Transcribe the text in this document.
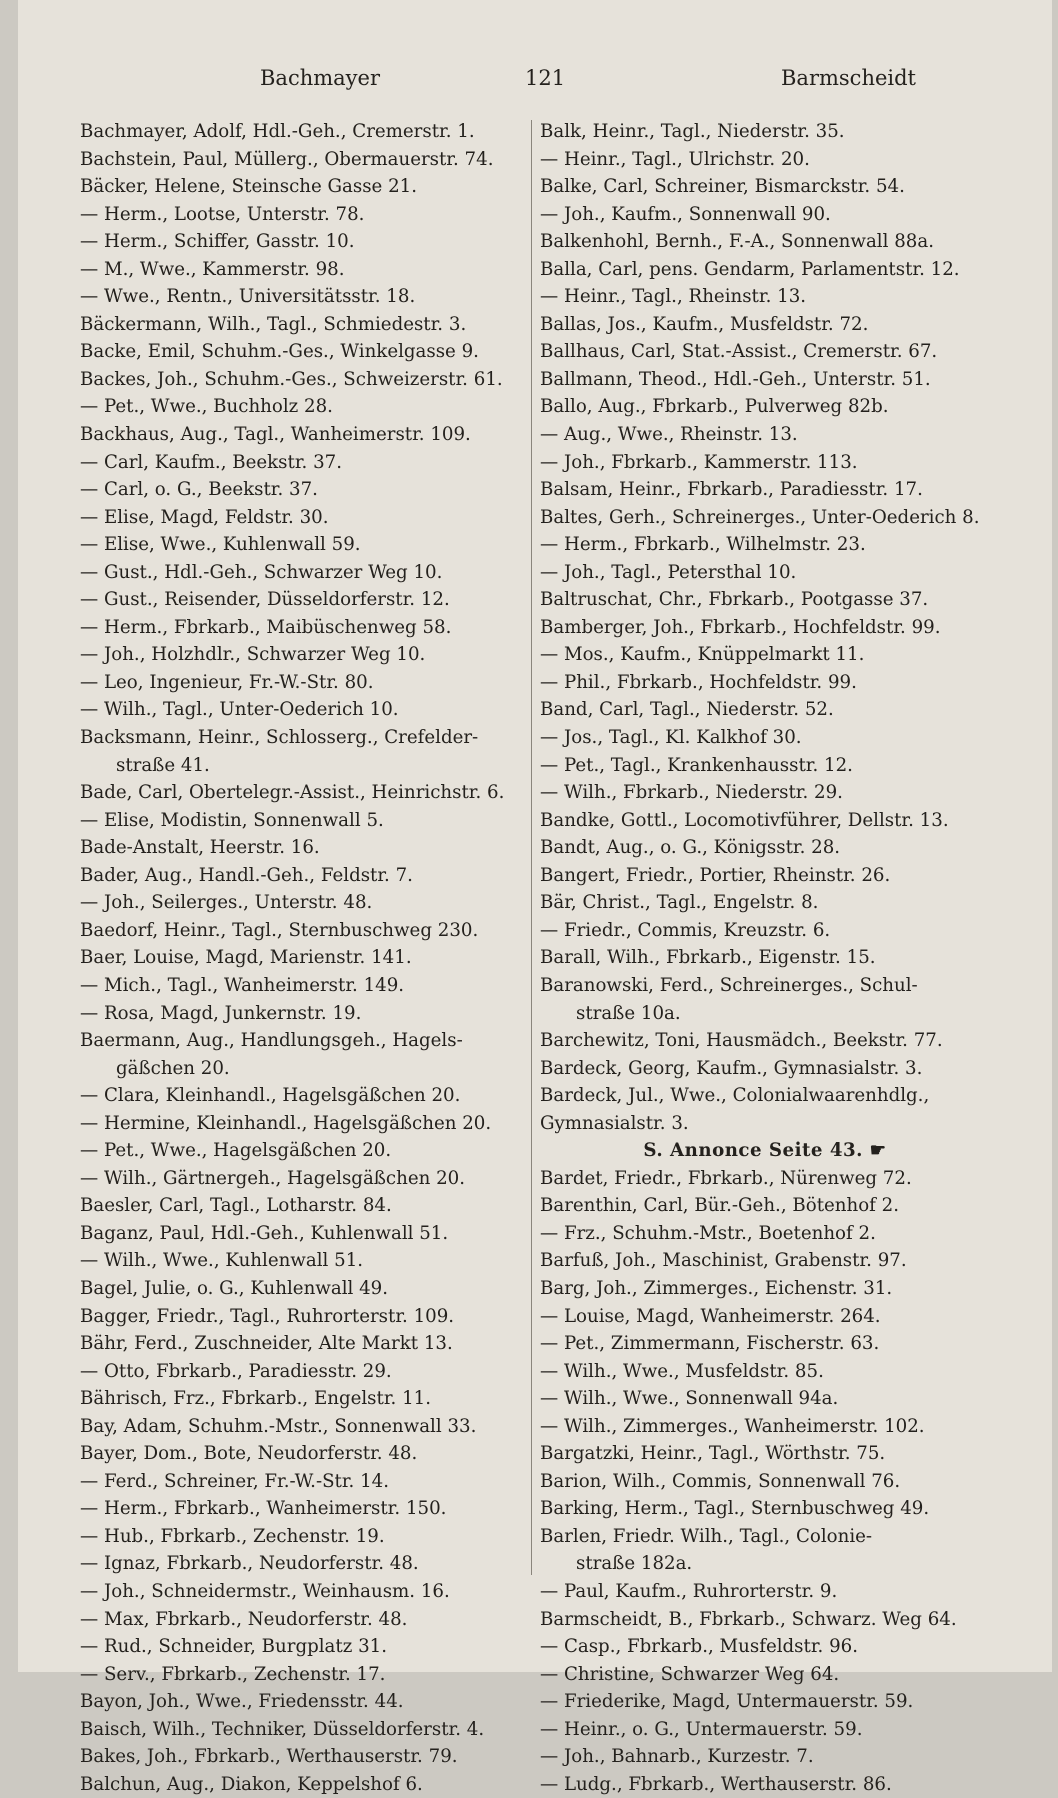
Bachmayer	121	Barmscheidt
Bachmayer, Adolf, Hdl.-Geh., Cremerstr. 1.
Bachstein, Paul, Müllerg., Obermauerstr. 74.
Bäcker, Helene, Steinsche Gasse 21.
— Herm., Lootse, Unterstr. 78.
— Herm., Schiffer, Gasstr. 10.
— M., Wwe., Kammerstr. 98.
— Wwe., Rentn., Universitätsstr. 18.
Bäckermann, Wilh., Tagl., Schmiedestr. 3.
Backe, Emil, Schuhm.-Ges., Winkelgasse 9.
Backes, Joh., Schuhm.-Ges., Schweizerstr. 61.
— Pet., Wwe., Buchholz 28.
Backhaus, Aug., Tagl., Wanheimerstr. 109.
— Carl, Kaufm., Beekstr. 37.
— Carl, o. G., Beekstr. 37.
— Elise, Magd, Feldstr. 30.
— Elise, Wwe., Kuhlenwall 59.
— Gust., Hdl.-Geh., Schwarzer Weg 10.
— Gust., Reisender, Düsseldorferstr. 12.
— Herm., Fbrkarb., Maibüschenweg 58.
— Joh., Holzhdlr., Schwarzer Weg 10.
— Leo, Ingenieur, Fr.-W.-Str. 80.
— Wilh., Tagl., Unter-Oederich 10.
Backsmann, Heinr., Schlosserg., Crefelder-
straße 41.
Bade, Carl, Obertelegr.-Assist., Heinrichstr. 6.
— Elise, Modistin, Sonnenwall 5.
Bade-Anstalt, Heerstr. 16.
Bader, Aug., Handl.-Geh., Feldstr. 7.
— Joh., Seilerges., Unterstr. 48.
Baedorf, Heinr., Tagl., Sternbuschweg 230.
Baer, Louise, Magd, Marienstr. 141.
— Mich., Tagl., Wanheimerstr. 149.
— Rosa, Magd, Junkernstr. 19.
Baermann, Aug., Handlungsgeh., Hagels-
gäßchen 20.
— Clara, Kleinhandl., Hagelsgäßchen 20.
— Hermine, Kleinhandl., Hagelsgäßchen 20.
— Pet., Wwe., Hagelsgäßchen 20.
— Wilh., Gärtnergeh., Hagelsgäßchen 20.
Baesler, Carl, Tagl., Lotharstr. 84.
Baganz, Paul, Hdl.-Geh., Kuhlenwall 51.
— Wilh., Wwe., Kuhlenwall 51.
Bagel, Julie, o. G., Kuhlenwall 49.
Bagger, Friedr., Tagl., Ruhrorterstr. 109.
Bähr, Ferd., Zuschneider, Alte Markt 13.
— Otto, Fbrkarb., Paradiesstr. 29.
Bährisch, Frz., Fbrkarb., Engelstr. 11.
Bay, Adam, Schuhm.-Mstr., Sonnenwall 33.
Bayer, Dom., Bote, Neudorferstr. 48.
— Ferd., Schreiner, Fr.-W.-Str. 14.
— Herm., Fbrkarb., Wanheimerstr. 150.
— Hub., Fbrkarb., Zechenstr. 19.
— Ignaz, Fbrkarb., Neudorferstr. 48.
— Joh., Schneidermstr., Weinhausm. 16.
— Max, Fbrkarb., Neudorferstr. 48.
— Rud., Schneider, Burgplatz 31.
— Serv., Fbrkarb., Zechenstr. 17.
Bayon, Joh., Wwe., Friedensstr. 44.
Baisch, Wilh., Techniker, Düsseldorferstr. 4.
Bakes, Joh., Fbrkarb., Werthauserstr. 79.
Balchun, Aug., Diakon, Keppelshof 6.
Balk, Heinr., Tagl., Niederstr. 35.
— Heinr., Tagl., Ulrichstr. 20.
Balke, Carl, Schreiner, Bismarckstr. 54.
— Joh., Kaufm., Sonnenwall 90.
Balkenhohl, Bernh., F.-A., Sonnenwall 88a.
Balla, Carl, pens. Gendarm, Parlamentstr. 12.
— Heinr., Tagl., Rheinstr. 13.
Ballas, Jos., Kaufm., Musfeldstr. 72.
Ballhaus, Carl, Stat.-Assist., Cremerstr. 67.
Ballmann, Theod., Hdl.-Geh., Unterstr. 51.
Ballo, Aug., Fbrkarb., Pulverweg 82b.
— Aug., Wwe., Rheinstr. 13.
— Joh., Fbrkarb., Kammerstr. 113.
Balsam, Heinr., Fbrkarb., Paradiesstr. 17.
Baltes, Gerh., Schreinerges., Unter-Oederich 8.
— Herm., Fbrkarb., Wilhelmstr. 23.
— Joh., Tagl., Petersthal 10.
Baltruschat, Chr., Fbrkarb., Pootgasse 37.
Bamberger, Joh., Fbrkarb., Hochfeldstr. 99.
— Mos., Kaufm., Knüppelmarkt 11.
— Phil., Fbrkarb., Hochfeldstr. 99.
Band, Carl, Tagl., Niederstr. 52.
— Jos., Tagl., Kl. Kalkhof 30.
— Pet., Tagl., Krankenhausstr. 12.
— Wilh., Fbrkarb., Niederstr. 29.
Bandke, Gottl., Locomotivführer, Dellstr. 13.
Bandt, Aug., o. G., Königsstr. 28.
Bangert, Friedr., Portier, Rheinstr. 26.
Bär, Christ., Tagl., Engelstr. 8.
— Friedr., Commis, Kreuzstr. 6.
Barall, Wilh., Fbrkarb., Eigenstr. 15.
Baranowski, Ferd., Schreinerges., Schul-
straße 10a.
Barchewitz, Toni, Hausmädch., Beekstr. 77.
Bardeck, Georg, Kaufm., Gymnasialstr. 3.
Bardeck, Jul., Wwe., Colonialwaarenhdlg.,
Gymnasialstr. 3.
S. Annonce Seite 43. ☛
Bardet, Friedr., Fbrkarb., Nürenweg 72.
Barenthin, Carl, Bür.-Geh., Bötenhof 2.
— Frz., Schuhm.-Mstr., Boetenhof 2.
Barfuß, Joh., Maschinist, Grabenstr. 97.
Barg, Joh., Zimmerges., Eichenstr. 31.
— Louise, Magd, Wanheimerstr. 264.
— Pet., Zimmermann, Fischerstr. 63.
— Wilh., Wwe., Musfeldstr. 85.
— Wilh., Wwe., Sonnenwall 94a.
— Wilh., Zimmerges., Wanheimerstr. 102.
Bargatzki, Heinr., Tagl., Wörthstr. 75.
Barion, Wilh., Commis, Sonnenwall 76.
Barking, Herm., Tagl., Sternbuschweg 49.
Barlen, Friedr. Wilh., Tagl., Colonie-
straße 182a.
— Paul, Kaufm., Ruhrorterstr. 9.
Barmscheidt, B., Fbrkarb., Schwarz. Weg 64.
— Casp., Fbrkarb., Musfeldstr. 96.
— Christine, Schwarzer Weg 64.
— Friederike, Magd, Untermauerstr. 59.
— Heinr., o. G., Untermauerstr. 59.
— Joh., Bahnarb., Kurzestr. 7.
— Ludg., Fbrkarb., Werthauserstr. 86.
